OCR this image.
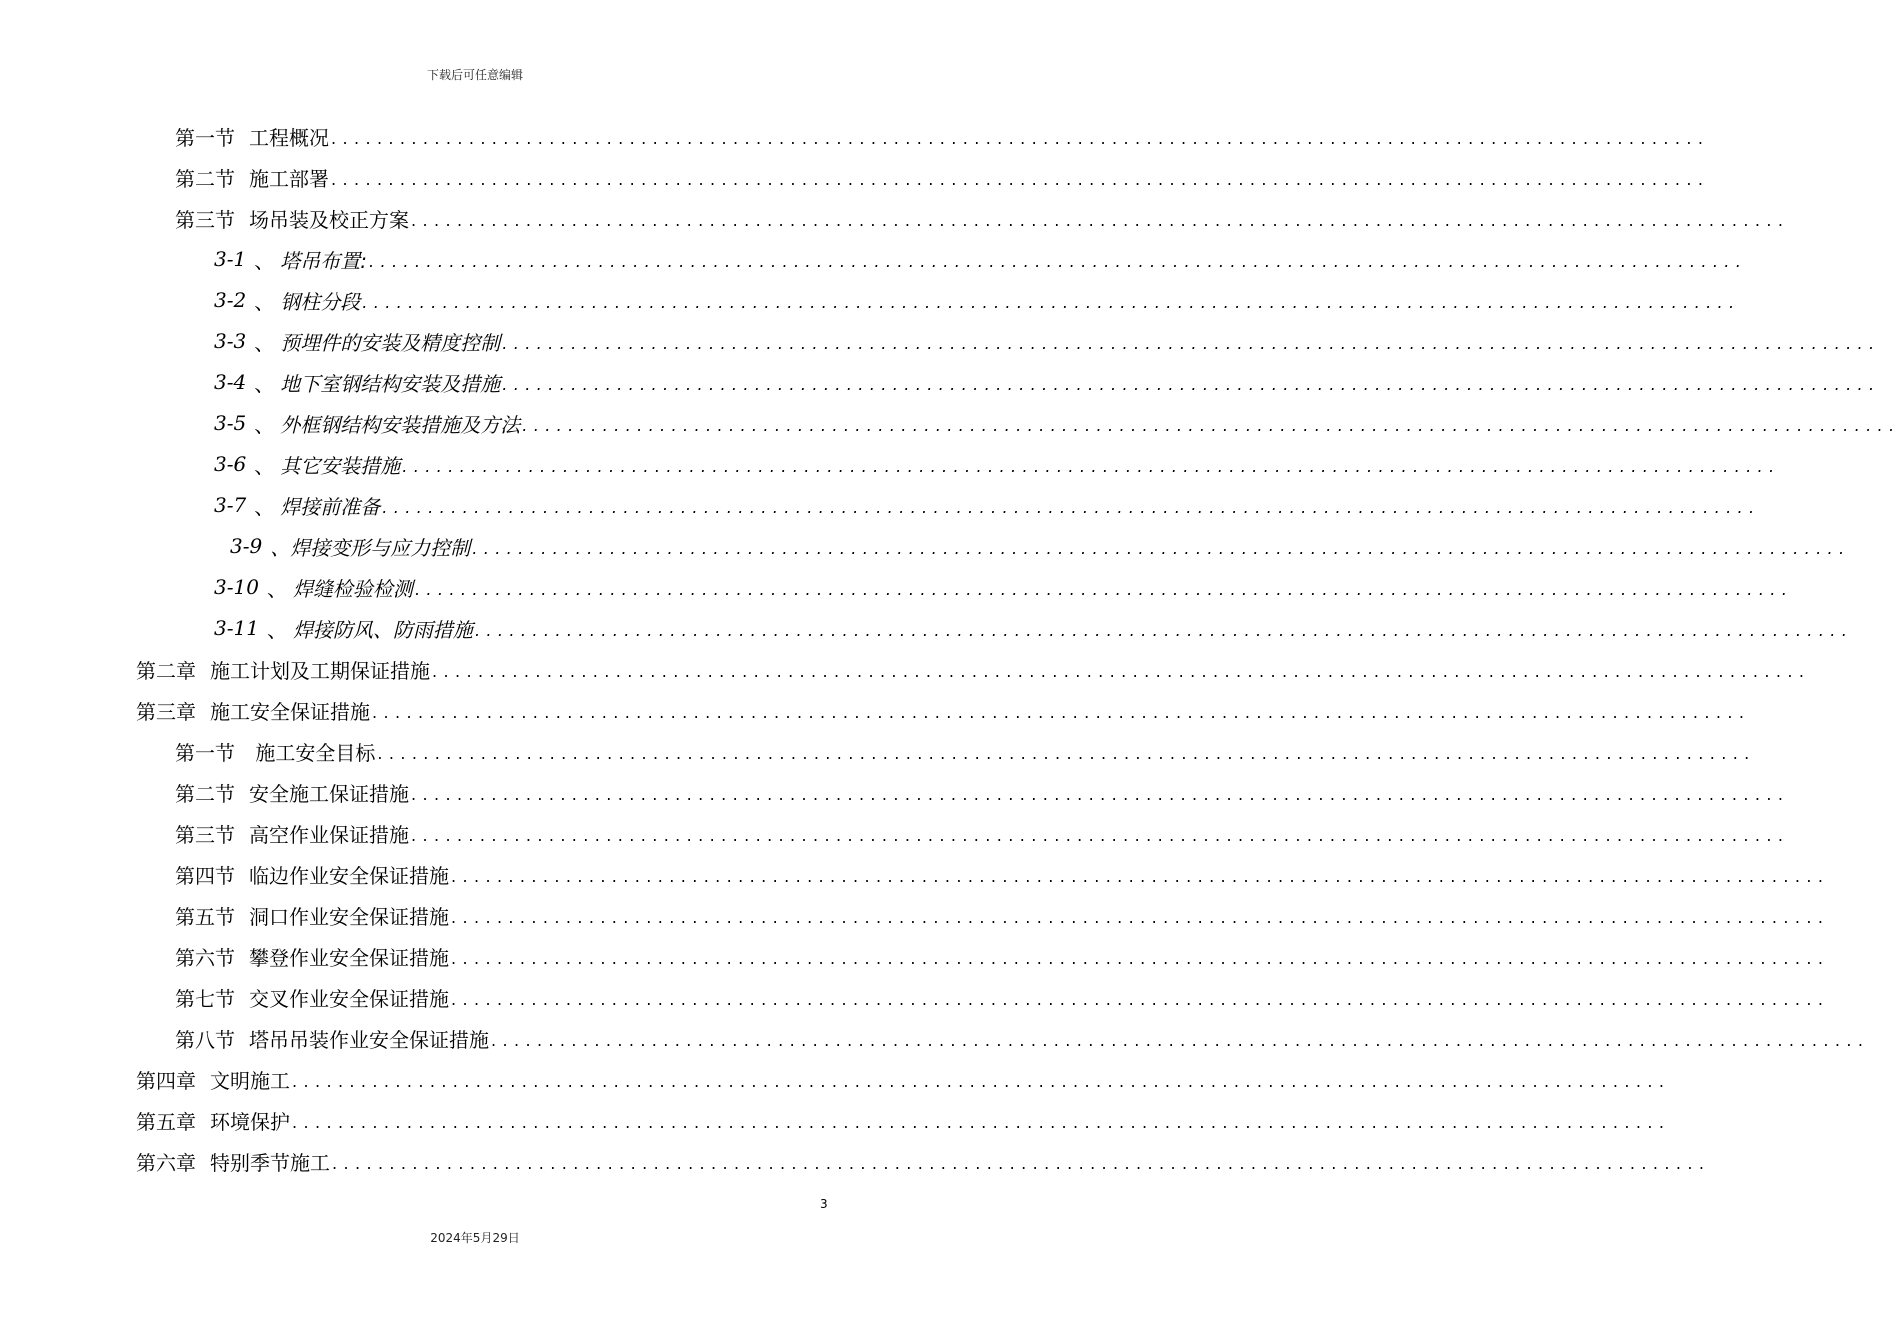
下载后可任意编辑
第一节 工程概况 ........................................................................................................................
第二节 施工部署 ........................................................................................................................
第三节 场吊装及校正方案 ........................................................................................................................
3-1 、 塔吊布置: ........................................................................................................................
3-2 、 钢柱分段 ........................................................................................................................
3-3 、 预埋件的安装及精度控制 ........................................................................................................................
3-4 、 地下室钢结构安装及措施 ........................................................................................................................
3-5 、 外框钢结构安装措施及方法 ........................................................................................................................
3-6 、 其它安装措施 ........................................................................................................................
3-7 、 焊接前准备 ........................................................................................................................
3-9 、 焊接变形与应力控制 ........................................................................................................................
3-10 、 焊缝检验检测 ........................................................................................................................
3-11 、 焊接防风、防雨措施 ........................................................................................................................
第二章 施工计划及工期保证措施 ........................................................................................................................
第三章 施工安全保证措施 ........................................................................................................................
第一节 施工安全目标 ........................................................................................................................
第二节 安全施工保证措施 ........................................................................................................................
第三节 高空作业保证措施 ........................................................................................................................
第四节 临边作业安全保证措施 ........................................................................................................................
第五节 洞口作业安全保证措施 ........................................................................................................................
第六节 攀登作业安全保证措施 ........................................................................................................................
第七节 交叉作业安全保证措施 ........................................................................................................................
第八节 塔吊吊装作业安全保证措施 ........................................................................................................................
第四章 文明施工 ........................................................................................................................
第五章 环境保护 ........................................................................................................................
第六章 特别季节施工 ........................................................................................................................
3
2024年5月29日
